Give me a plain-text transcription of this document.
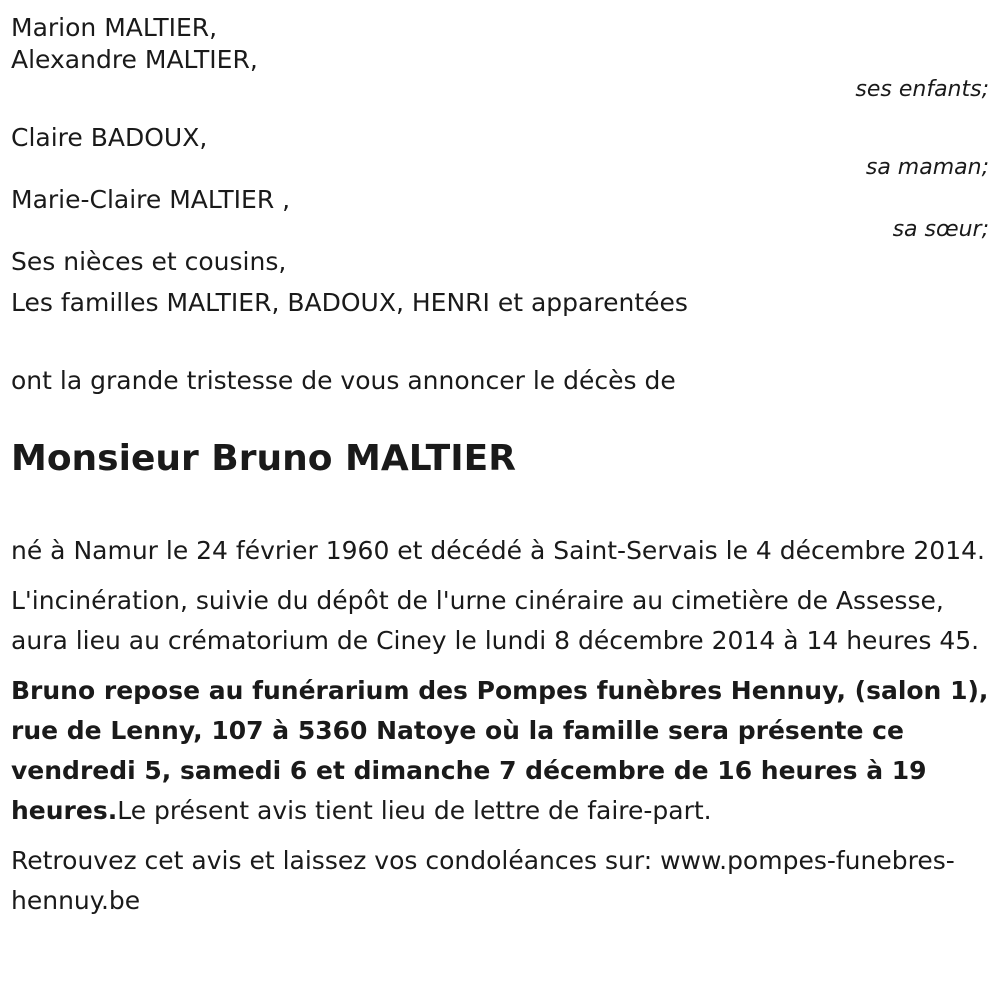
Marion MALTIER,

Alexandre MALTIER,

ses enfants;

Claire BADOUX,

sa maman;

Marie-Claire MALTIER ,

sa sœur;

Ses nièces et cousins,

Les familles MALTIER, BADOUX, HENRI et apparentées

ont la grande tristesse de vous annoncer le décès de

Monsieur Bruno MALTIER

né à Namur le 24 février 1960 et décédé à Saint-Servais le 4 décembre 2014.

L'incinération, suivie du dépôt de l'urne cinéraire au cimetière de Assesse, aura lieu au crématorium de Ciney le lundi 8 décembre 2014 à 14 heures 45.

Bruno repose au funérarium des Pompes funèbres Hennuy, (salon 1), rue de Lenny, 107 à 5360 Natoye où la famille sera présente ce vendredi 5, samedi 6 et dimanche 7 décembre de 16 heures à 19 heures.Le présent avis tient lieu de lettre de faire-part.

Retrouvez cet avis et laissez vos condoléances sur: www.pompes-funebres-hennuy.be
